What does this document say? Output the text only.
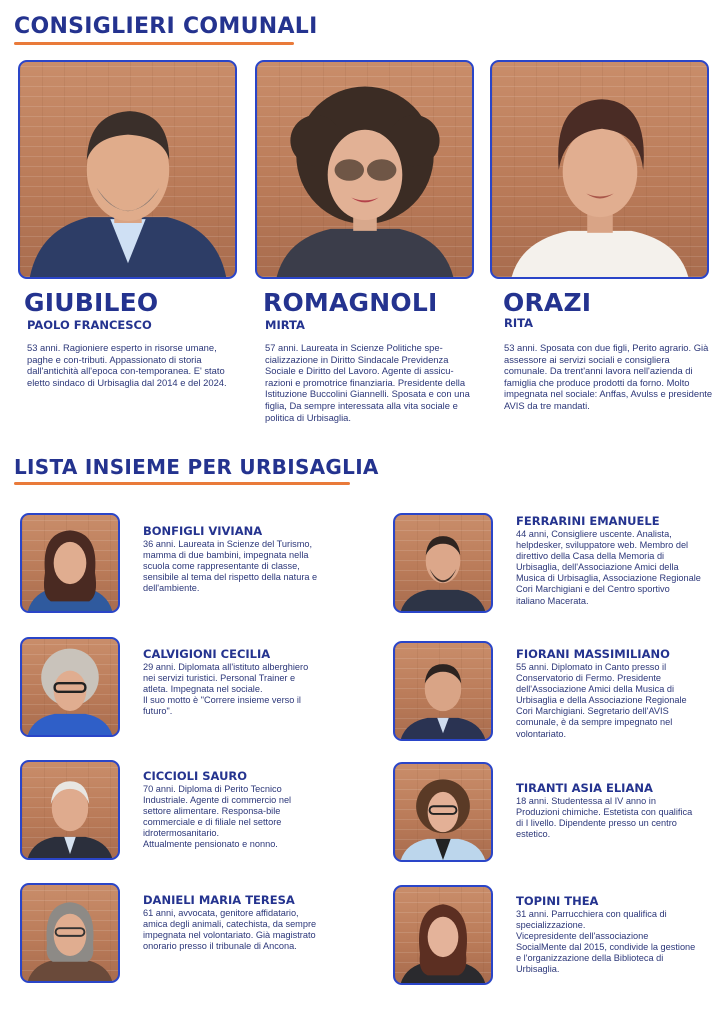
CONSIGLIERI COMUNALI
GIUBILEO
PAOLO FRANCESCO

53 anni. Ragioniere esperto in risorse umane, paghe e con-tributi. Appassionato di storia dall'antichità all'epoca con-temporanea. E' stato eletto sindaco di Urbisaglia dal 2014 e del 2024.

ROMAGNOLI
MIRTA

57 anni. Laureata in Scienze Politiche spe-cializzazione in Diritto Sindacale Previdenza Sociale e Diritto del Lavoro. Agente di assicu-razioni e promotrice finanziaria. Presidente della Istituzione Buccolini Giannelli. Sposata e con una figlia, Da sempre interessata alla vita sociale e politica di Urbisaglia.

ORAZI
RITA

53 anni. Sposata con due figli, Perito agrario. Già assessore ai servizi sociali e consigliera comunale. Da trent'anni lavora nell'azienda di famiglia che produce prodotti da forno. Molto impegnata nel sociale: Anffas, Avulss e presidente AVIS da tre mandati.

LISTA INSIEME PER URBISAGLIA
BONFIGLI VIVIANA

36 anni. Laureata in Scienze del Turismo, mamma di due bambini, impegnata nella scuola come rappresentante di classe, sensibile al tema del rispetto della natura e dell'ambiente.

CALVIGIONI CECILIA

29 anni. Diplomata all'istituto alberghiero nei servizi turistici. Personal Trainer e atleta. Impegnata nel sociale.
Il suo motto è "Correre insieme verso il futuro".

CICCIOLI SAURO

70 anni. Diploma di Perito Tecnico Industriale. Agente di commercio nel settore alimentare. Responsa-bile commerciale e di filiale nel settore idrotermosanitario.
Attualmente pensionato e nonno.

DANIELI MARIA TERESA

61 anni, avvocata, genitore affidatario, amica degli animali, catechista, da sempre impegnata nel volontariato. Già magistrato onorario presso il tribunale di Ancona.

FERRARINI EMANUELE

44 anni, Consigliere uscente. Analista, helpdesker, sviluppatore web. Membro del direttivo della Casa della Memoria di Urbisaglia, dell'Associazione Amici della Musica di Urbisaglia, Associazione Regionale Cori Marchigiani e del Centro sportivo italiano Macerata.

FIORANI MASSIMILIANO

55 anni. Diplomato in Canto presso il Conservatorio di Fermo. Presidente dell'Associazione Amici della Musica di Urbisaglia e della Associazione Regionale Cori Marchigiani. Segretario dell'AVIS comunale, è da sempre impegnato nel volontariato.

TIRANTI ASIA ELIANA

18 anni. Studentessa al IV anno in Produzioni chimiche. Estetista con qualifica di I livello. Dipendente presso un centro estetico.

TOPINI THEA

31 anni. Parrucchiera con qualifica di specializzazione.
Vicepresidente dell'associazione SocialMente dal 2015, condivide la gestione e l'organizzazione della Biblioteca di Urbisaglia.
